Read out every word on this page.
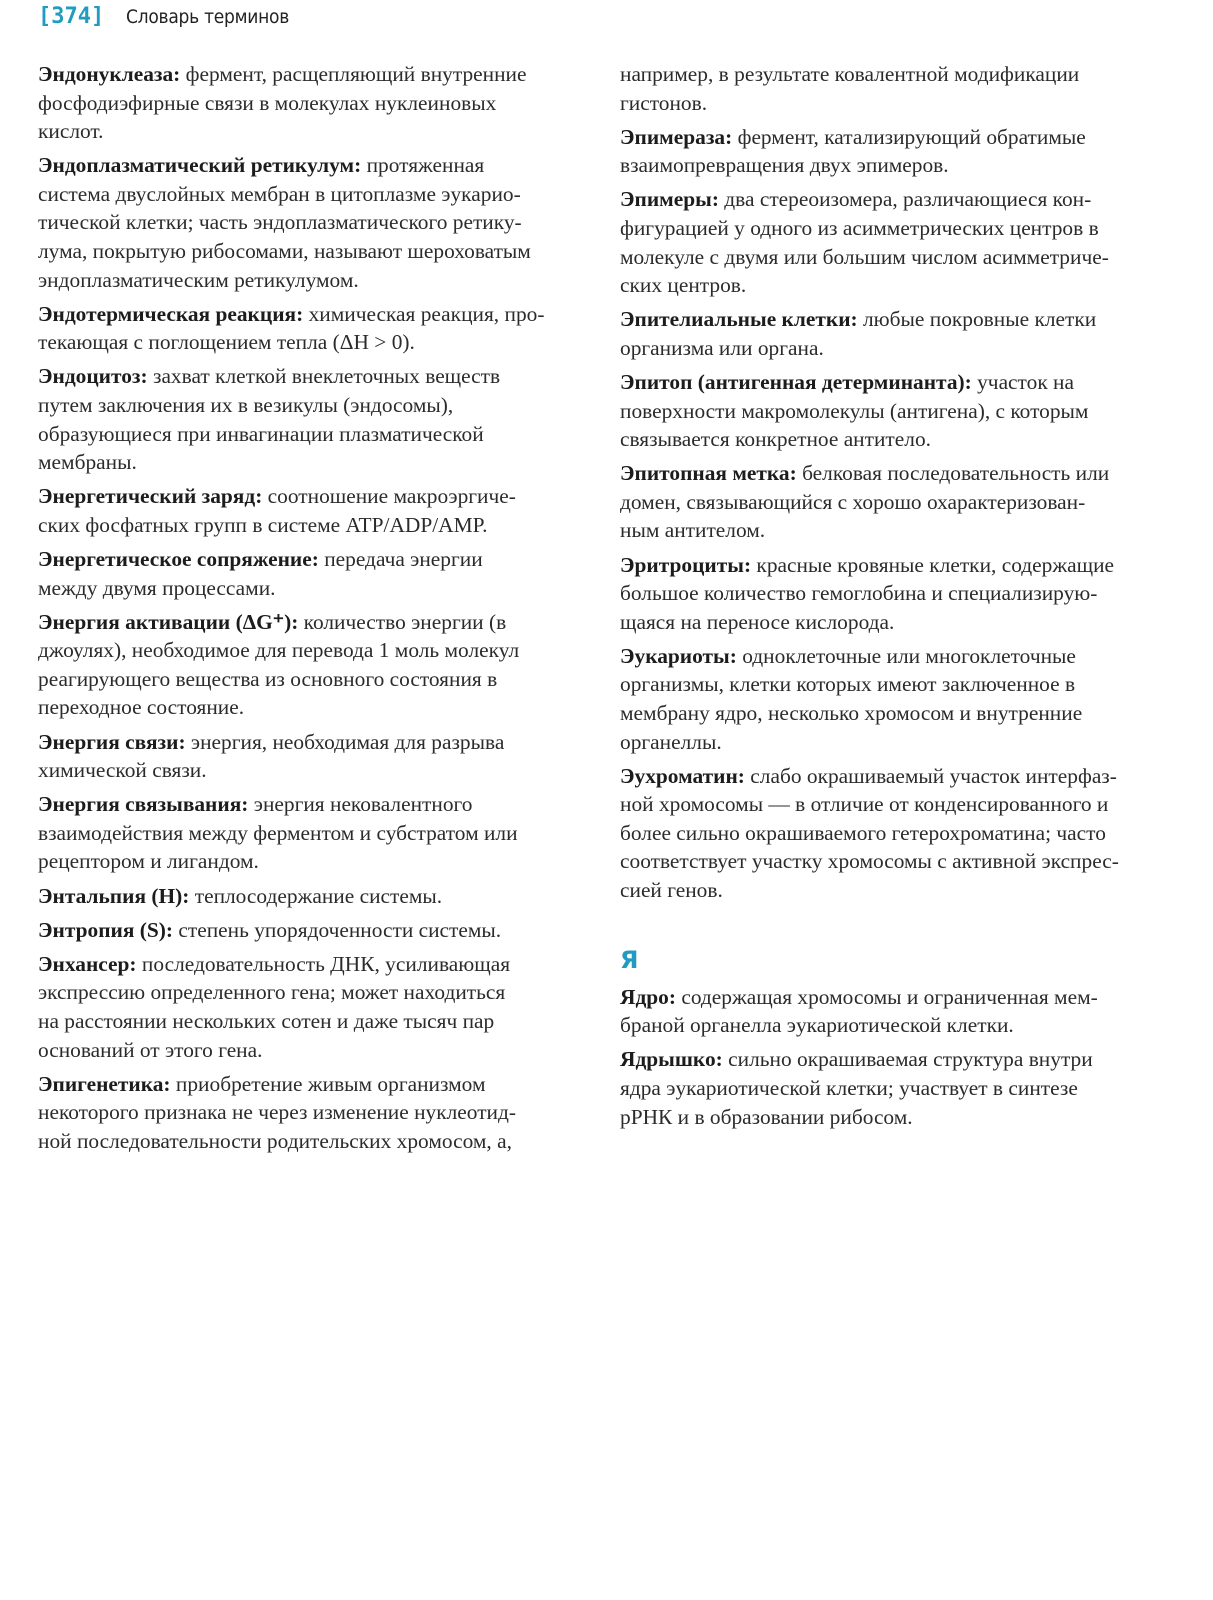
[374] Словарь терминов
Эндонуклеаза: фермент, расщепляющий внутренние
фосфодиэфирные связи в молекулах нуклеиновых
кислот.
Эндоплазматический ретикулум: протяженная
система двуслойных мембран в цитоплазме эукарио-
тической клетки; часть эндоплазматического ретику-
лума, покрытую рибосомами, называют шероховатым
эндоплазматическим ретикулумом.
Эндотермическая реакция: химическая реакция, про-
текающая с поглощением тепла (ΔH > 0).
Эндоцитоз: захват клеткой внеклеточных веществ
путем заключения их в везикулы (эндосомы),
образующиеся при инвагинации плазматической
мембраны.
Энергетический заряд: соотношение макроэргиче-
ских фосфатных групп в системе ATP/ADP/AMP.
Энергетическое сопряжение: передача энергии
между двумя процессами.
Энергия активации (ΔG⁺): количество энергии (в
джоулях), необходимое для перевода 1 моль молекул
реагирующего вещества из основного состояния в
переходное состояние.
Энергия связи: энергия, необходимая для разрыва
химической связи.
Энергия связывания: энергия нековалентного
взаимодействия между ферментом и субстратом или
рецептором и лигандом.
Энтальпия (H): теплосодержание системы.
Энтропия (S): степень упорядоченности системы.
Энхансер: последовательность ДНК, усиливающая
экспрессию определенного гена; может находиться
на расстоянии нескольких сотен и даже тысяч пар
оснований от этого гена.
Эпигенетика: приобретение живым организмом
некоторого признака не через изменение нуклеотид-
ной последовательности родительских хромосом, а,
например, в результате ковалентной модификации
гистонов.
Эпимераза: фермент, катализирующий обратимые
взаимопревращения двух эпимеров.
Эпимеры: два стереоизомера, различающиеся кон-
фигурацией у одного из асимметрических центров в
молекуле с двумя или большим числом асимметриче-
ских центров.
Эпителиальные клетки: любые покровные клетки
организма или органа.
Эпитоп (антигенная детерминанта): участок на
поверхности макромолекулы (антигена), с которым
связывается конкретное антитело.
Эпитопная метка: белковая последовательность или
домен, связывающийся с хорошо охарактеризован-
ным антителом.
Эритроциты: красные кровяные клетки, содержащие
большое количество гемоглобина и специализирую-
щаяся на переносе кислорода.
Эукариоты: одноклеточные или многоклеточные
организмы, клетки которых имеют заключенное в
мембрану ядро, несколько хромосом и внутренние
органеллы.
Эухроматин: слабо окрашиваемый участок интерфаз-
ной хромосомы — в отличие от конденсированного и
более сильно окрашиваемого гетерохроматина; часто
соответствует участку хромосомы с активной экспрес-
сией генов.
Я
Ядро: содержащая хромосомы и ограниченная мем-
браной органелла эукариотической клетки.
Ядрышко: сильно окрашиваемая структура внутри
ядра эукариотической клетки; участвует в синтезе
рРНК и в образовании рибосом.
